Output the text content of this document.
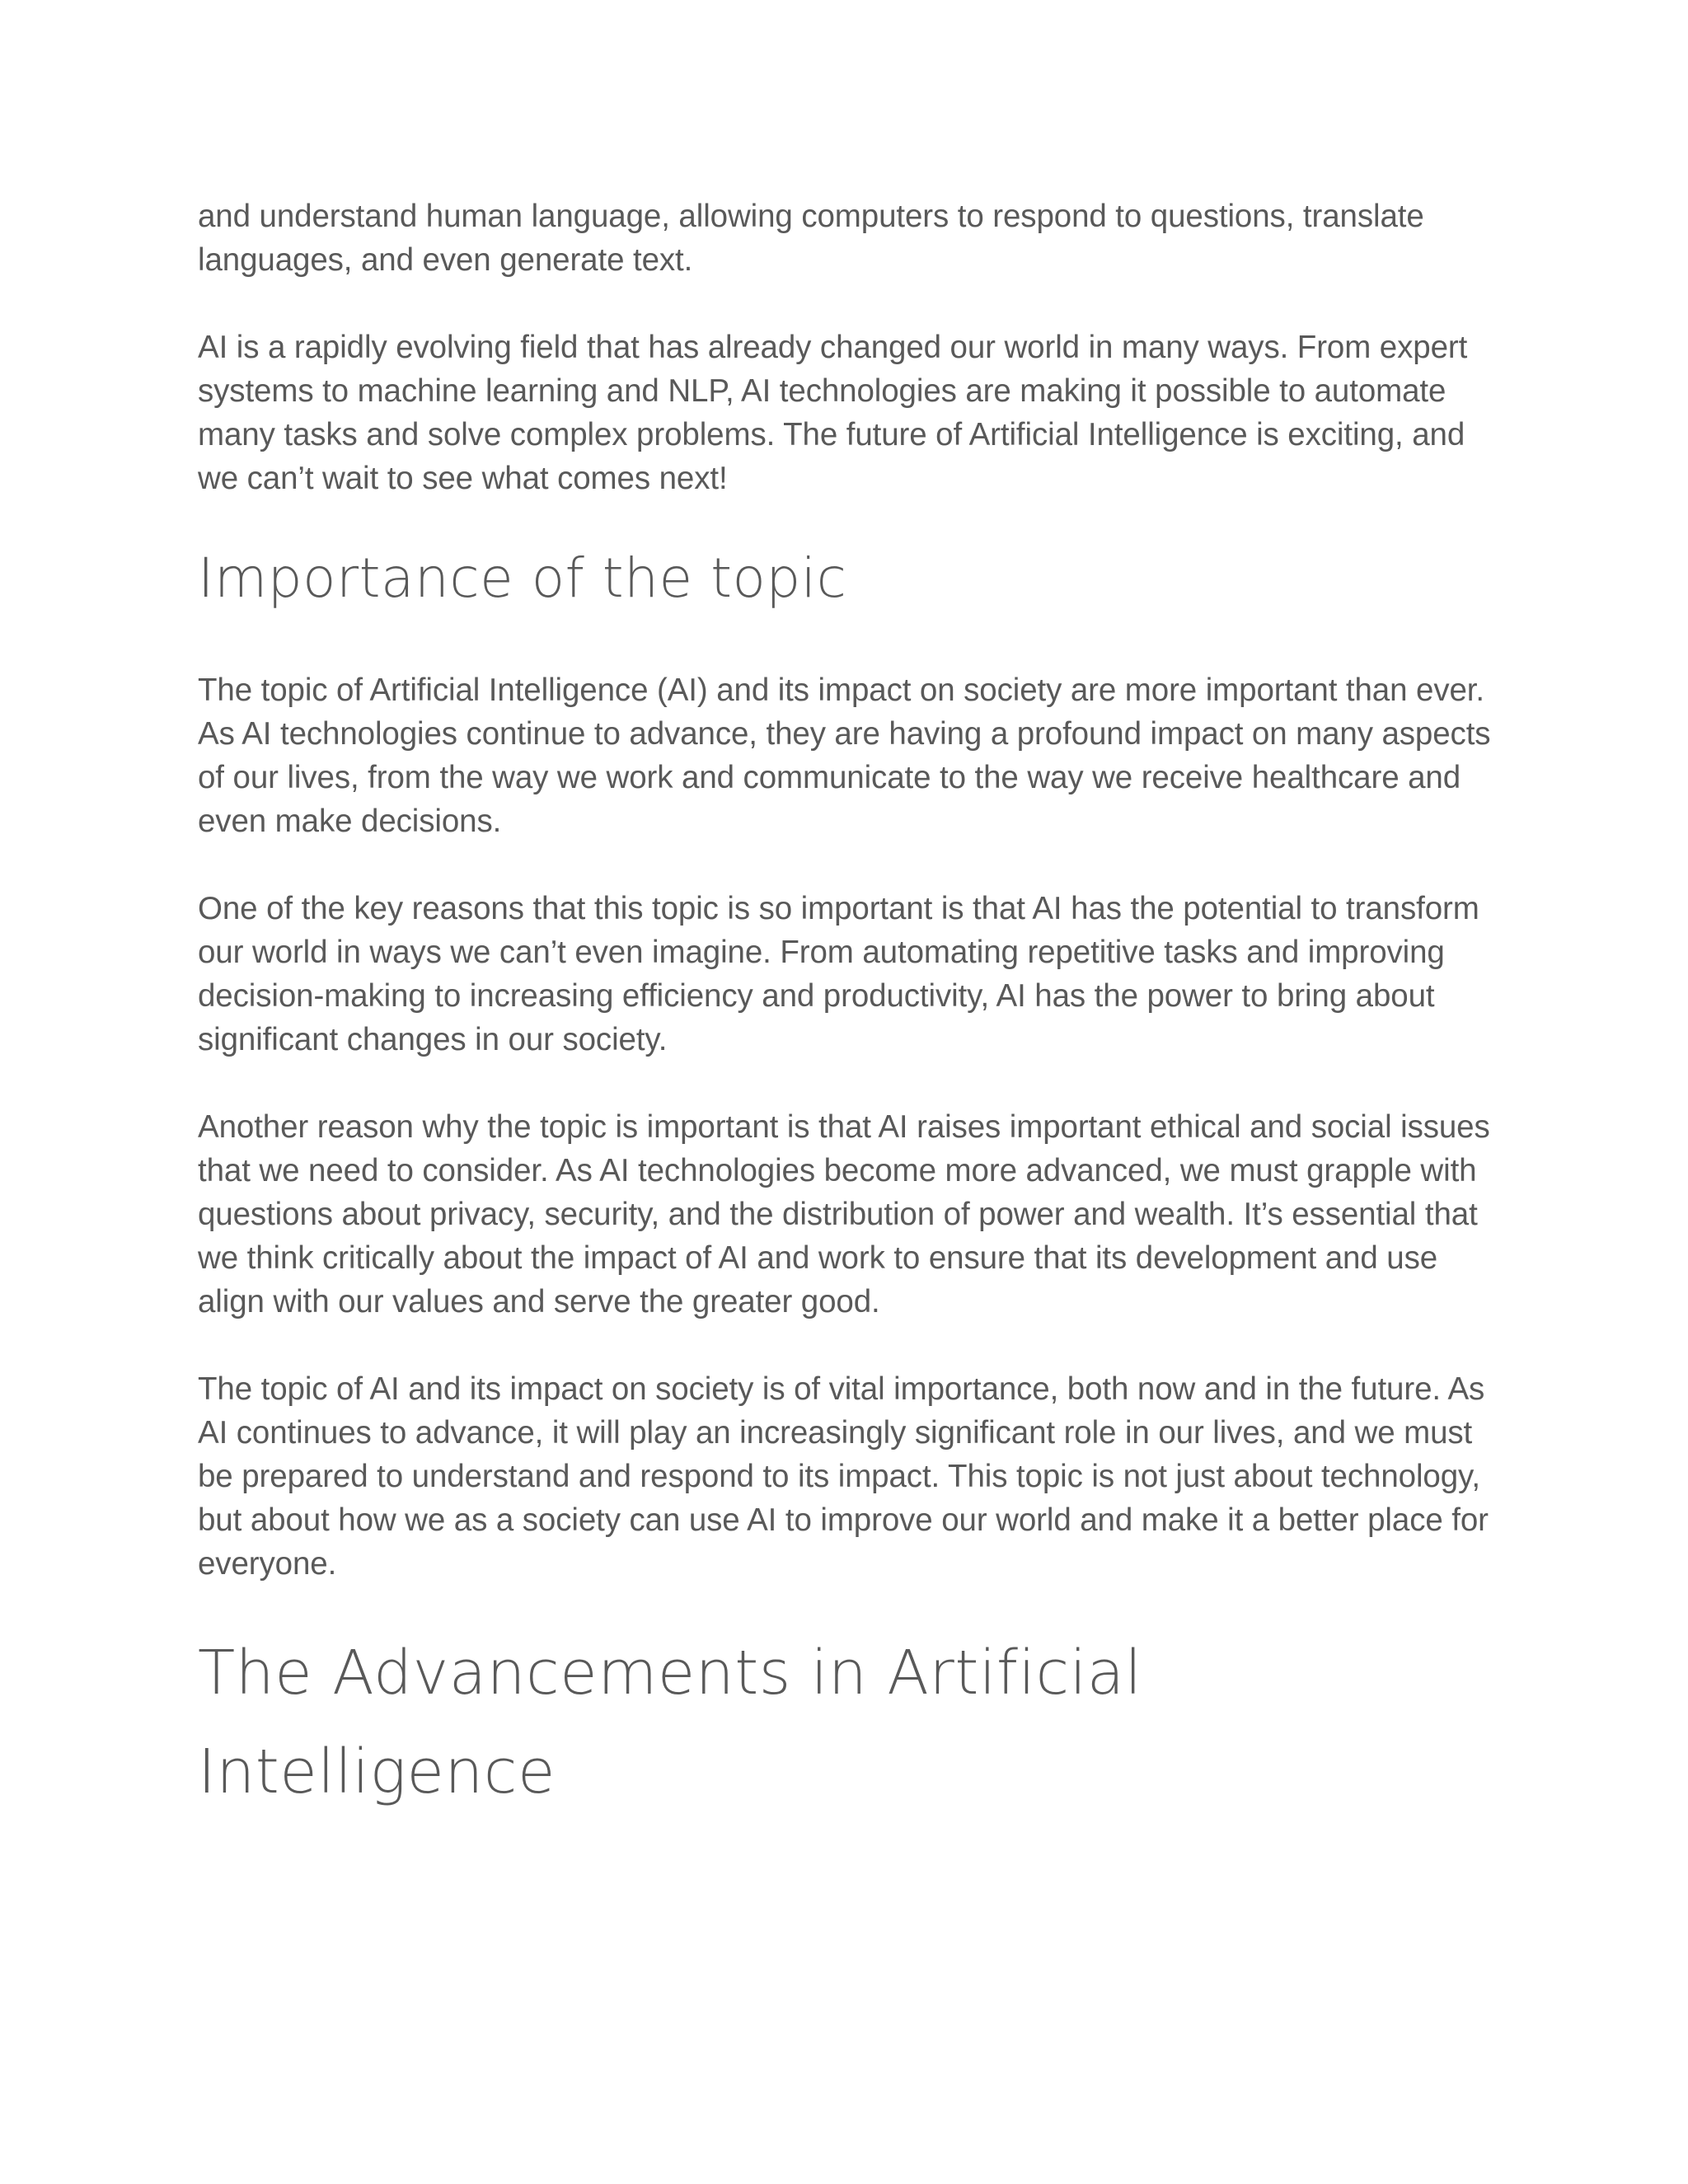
and understand human language, allowing computers to respond to questions, translate languages, and even generate text.

AI is a rapidly evolving field that has already changed our world in many ways. From expert systems to machine learning and NLP, AI technologies are making it possible to automate many tasks and solve complex problems. The future of Artificial Intelligence is exciting, and we can’t wait to see what comes next!

Importance of the topic

The topic of Artificial Intelligence (AI) and its impact on society are more important than ever. As AI technologies continue to advance, they are having a profound impact on many aspects of our lives, from the way we work and communicate to the way we receive healthcare and even make decisions.

One of the key reasons that this topic is so important is that AI has the potential to transform our world in ways we can’t even imagine. From automating repetitive tasks and improving decision-making to increasing efficiency and productivity, AI has the power to bring about significant changes in our society.

Another reason why the topic is important is that AI raises important ethical and social issues that we need to consider. As AI technologies become more advanced, we must grapple with questions about privacy, security, and the distribution of power and wealth. It’s essential that we think critically about the impact of AI and work to ensure that its development and use align with our values and serve the greater good.

The topic of AI and its impact on society is of vital importance, both now and in the future. As AI continues to advance, it will play an increasingly significant role in our lives, and we must be prepared to understand and respond to its impact. This topic is not just about technology, but about how we as a society can use AI to improve our world and make it a better place for everyone.

The Advancements in Artificial Intelligence
